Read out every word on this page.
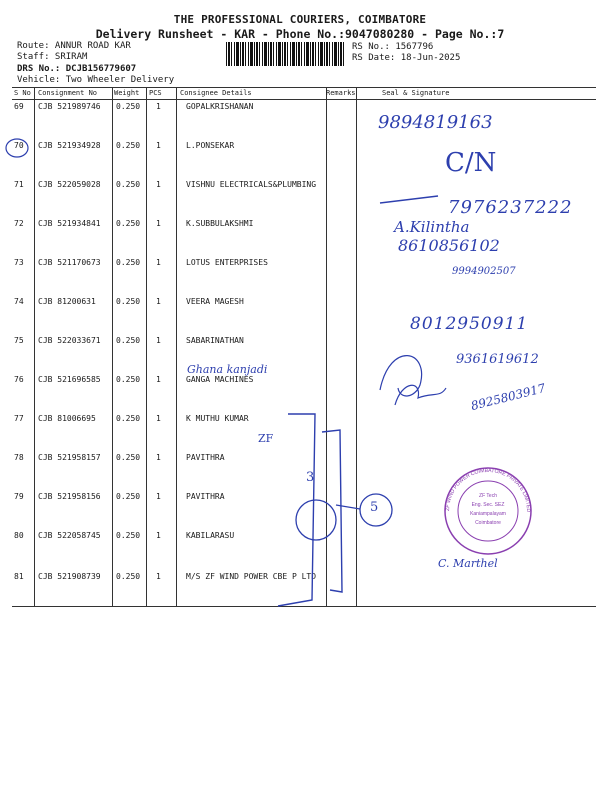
THE PROFESSIONAL COURIERS, COIMBATORE
Delivery Runsheet - KAR - Phone No.:9047080280 - Page No.:7
Route: ANNUR ROAD KAR
Staff: SRIRAM
DRS No.: DCJB156779607
Vehicle: Two Wheeler Delivery
RS No.: 1567796
RS Date: 18-Jun-2025
S No Consignment No Weight PCS	Consignee Details	Remarks	Seal & Signature
69 CJB 521989746 0.250 1	GOPALKRISHANAN
70 CJB 521934928 0.250 1	L.PONSEKAR
71 CJB 522059028 0.250 1	VISHNU ELECTRICALS&PLUMBING
72 CJB 521934841 0.250 1	K.SUBBULAKSHMI
73 CJB 521170673 0.250 1	LOTUS ENTERPRISES
74 CJB 81200631	0.250 1	VEERA MAGESH
75 CJB 522033671 0.250 1	SABARINATHAN
76 CJB 521696585 0.250 1	GANGA MACHINES
77 CJB 81006695	0.250 1	K MUTHU KUMAR
78 CJB 521958157 0.250 1	PAVITHRA
79 CJB 521958156 0.250 1	PAVITHRA
80 CJB 522058745 0.250 1	KABILARASU
81 CJB 521908739 0.250 1	M/S ZF WIND POWER CBE P LTD
9894819163
C/N
7976237222
A.Kilintha
8610856102
9994902507
8012950911
Ghana kanjadi
9361619612
8925803917
ZF
3
5
C. Marthel
ZF WIND POWER COIMBATORE PRIVATE LIMITED
ZF Tech
Eng. Sec. SEZ
Kaniampalayam
Coimbatore
